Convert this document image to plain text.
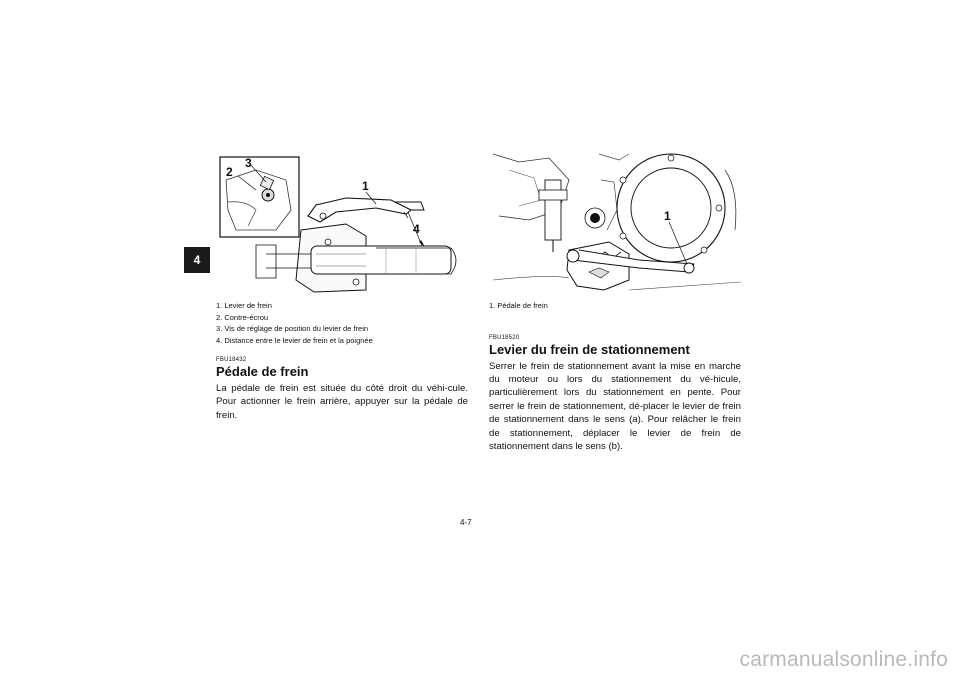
4
2
3
1
4
1. Levier de frein
2. Contre-écrou
3. Vis de réglage de position du levier de frein
4. Distance entre le levier de frein et la poignée
FBU18432
Pédale de frein

La pédale de frein est située du côté droit du véhi-cule. Pour actionner le frein arrière, appuyer sur la pédale de frein.

1
1. Pédale de frein
FBU18520
Levier du frein de stationnement

Serrer le frein de stationnement avant la mise en marche du moteur ou lors du stationnement du vé-hicule, particulièrement lors du stationnement en pente. Pour serrer le frein de stationnement, dé-placer le levier de frein de stationnement dans le sens (a). Pour relâcher le frein de stationnement, déplacer le levier de frein de stationnement dans le sens (b).

4-7
carmanualsonline.info
